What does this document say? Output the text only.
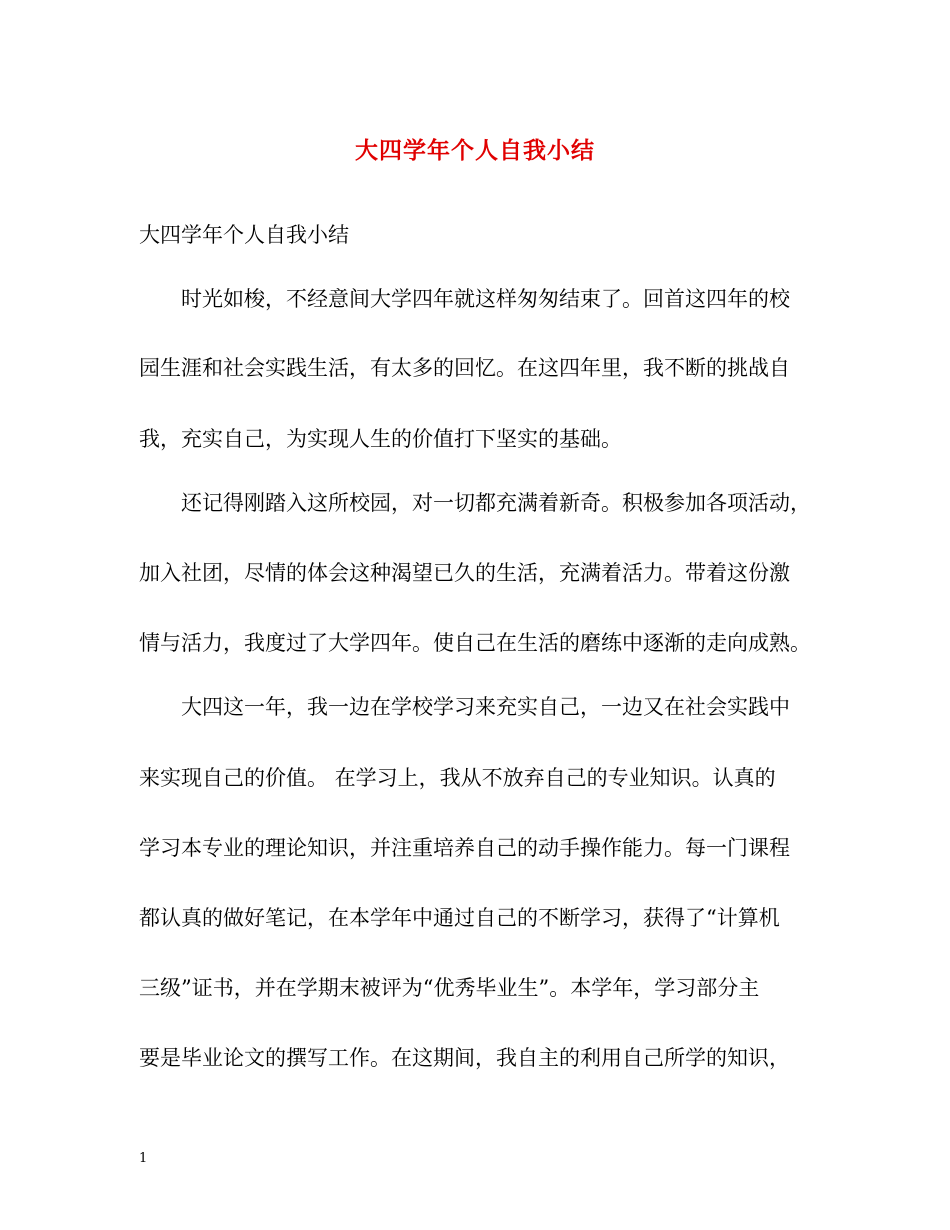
大四学年个人自我小结
大四学年个人自我小结
时光如梭，不经意间大学四年就这样匆匆结束了。回首这四年的校
园生涯和社会实践生活，有太多的回忆。在这四年里，我不断的挑战自
我，充实自己，为实现人生的价值打下坚实的基础。
还记得刚踏入这所校园，对一切都充满着新奇。积极参加各项活动，
加入社团，尽情的体会这种渴望已久的生活，充满着活力。带着这份激
情与活力，我度过了大学四年。使自己在生活的磨练中逐渐的走向成熟。
大四这一年，我一边在学校学习来充实自己，一边又在社会实践中
来实现自己的价值。 在学习上，我从不放弃自己的专业知识。认真的
学习本专业的理论知识，并注重培养自己的动手操作能力。每一门课程
都认真的做好笔记，在本学年中通过自己的不断学习，获得了“计算机
三级”证书，并在学期末被评为“优秀毕业生”。本学年，学习部分主
要是毕业论文的撰写工作。在这期间，我自主的利用自己所学的知识，
1
